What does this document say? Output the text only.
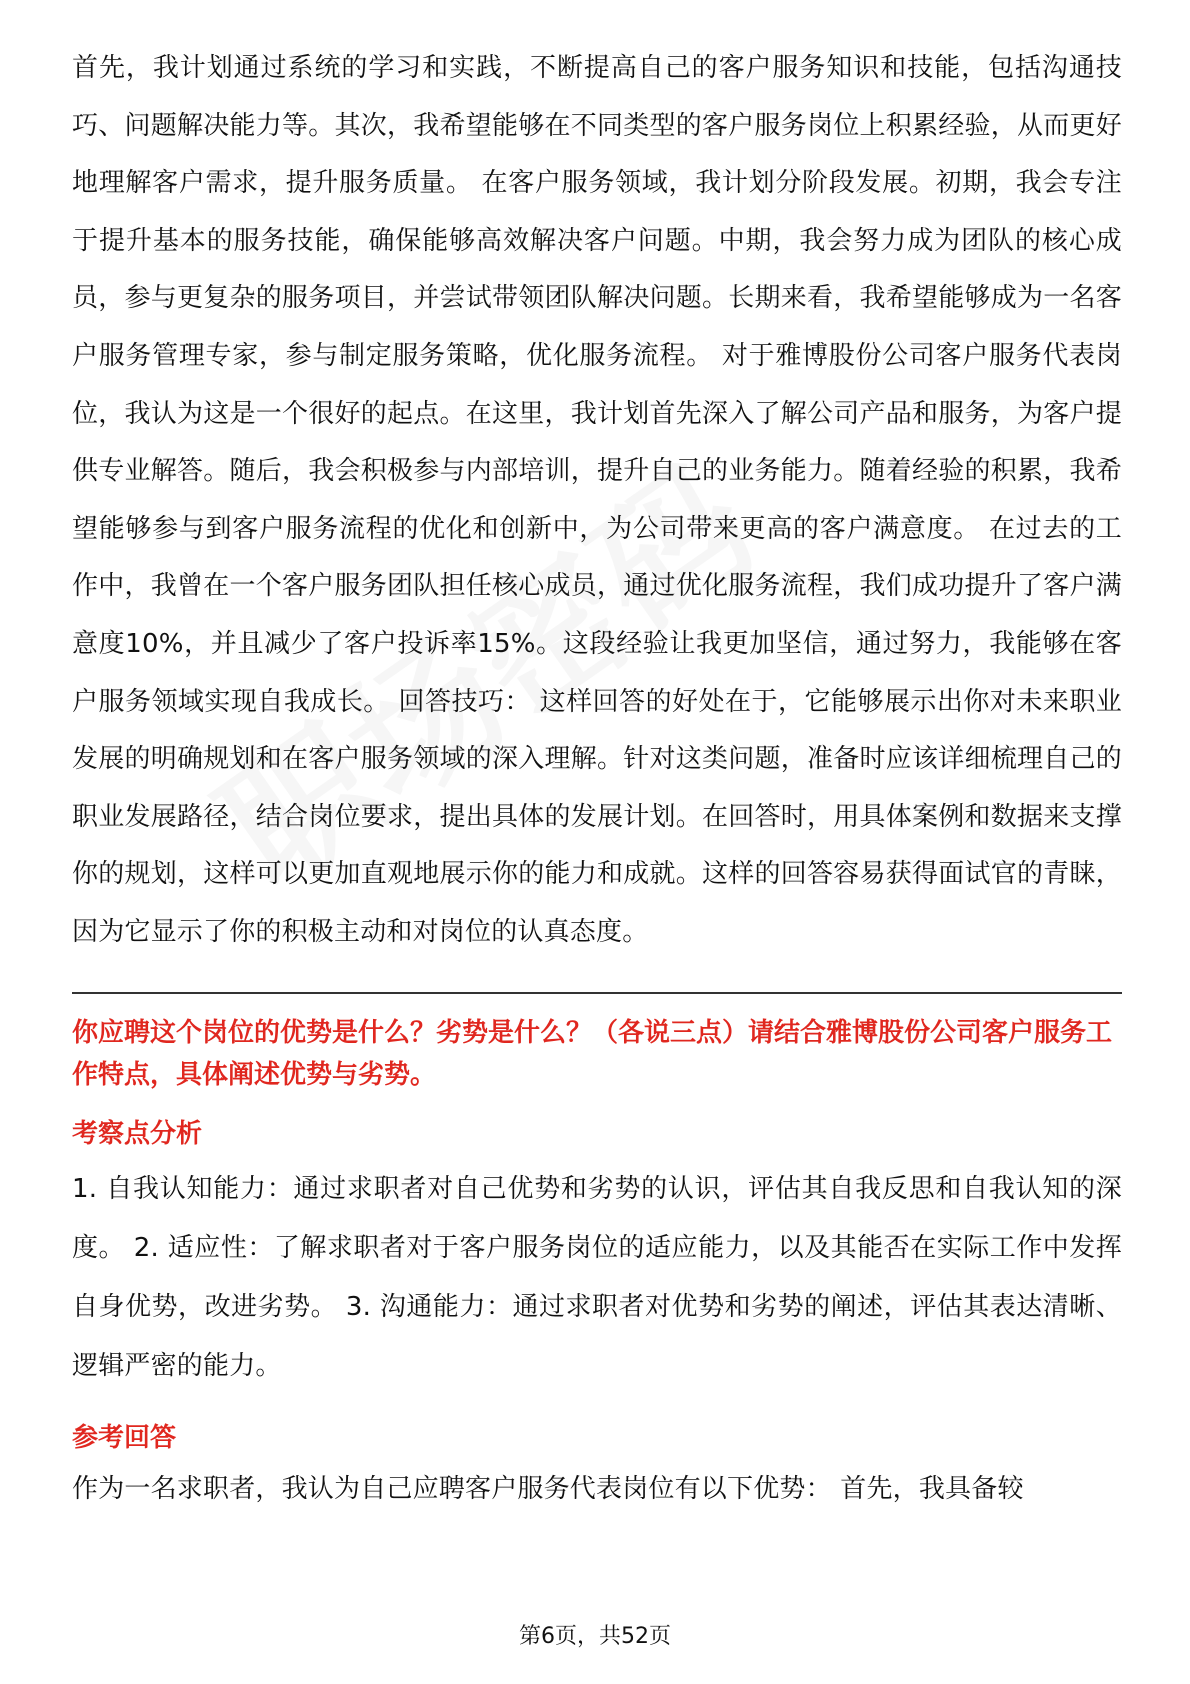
首先，我计划通过系统的学习和实践，不断提高自己的客户服务知识和技能，包括沟通技巧、问题解决能力等。其次，我希望能够在不同类型的客户服务岗位上积累经验，从而更好地理解客户需求，提升服务质量。 在客户服务领域，我计划分阶段发展。初期，我会专注于提升基本的服务技能，确保能够高效解决客户问题。中期，我会努力成为团队的核心成员，参与更复杂的服务项目，并尝试带领团队解决问题。长期来看，我希望能够成为一名客户服务管理专家，参与制定服务策略，优化服务流程。 对于雅博股份公司客户服务代表岗位，我认为这是一个很好的起点。在这里，我计划首先深入了解公司产品和服务，为客户提供专业解答。随后，我会积极参与内部培训，提升自己的业务能力。随着经验的积累，我希望能够参与到客户服务流程的优化和创新中，为公司带来更高的客户满意度。 在过去的工作中，我曾在一个客户服务团队担任核心成员，通过优化服务流程，我们成功提升了客户满意度10%，并且减少了客户投诉率15%。这段经验让我更加坚信，通过努力，我能够在客户服务领域实现自我成长。 回答技巧： 这样回答的好处在于，它能够展示出你对未来职业发展的明确规划和在客户服务领域的深入理解。针对这类问题，准备时应该详细梳理自己的职业发展路径，结合岗位要求，提出具体的发展计划。在回答时，用具体案例和数据来支撑你的规划，这样可以更加直观地展示你的能力和成就。这样的回答容易获得面试官的青睐，因为它显示了你的积极主动和对岗位的认真态度。

你应聘这个岗位的优势是什么？劣势是什么？（各说三点）请结合雅博股份公司客户服务工作特点，具体阐述优势与劣势。

考察点分析

1. 自我认知能力：通过求职者对自己优势和劣势的认识，评估其自我反思和自我认知的深度。 2. 适应性：了解求职者对于客户服务岗位的适应能力，以及其能否在实际工作中发挥自身优势，改进劣势。 3. 沟通能力：通过求职者对优势和劣势的阐述，评估其表达清晰、逻辑严密的能力。

参考回答

作为一名求职者，我认为自己应聘客户服务代表岗位有以下优势： 首先，我具备较

第6页，共52页
